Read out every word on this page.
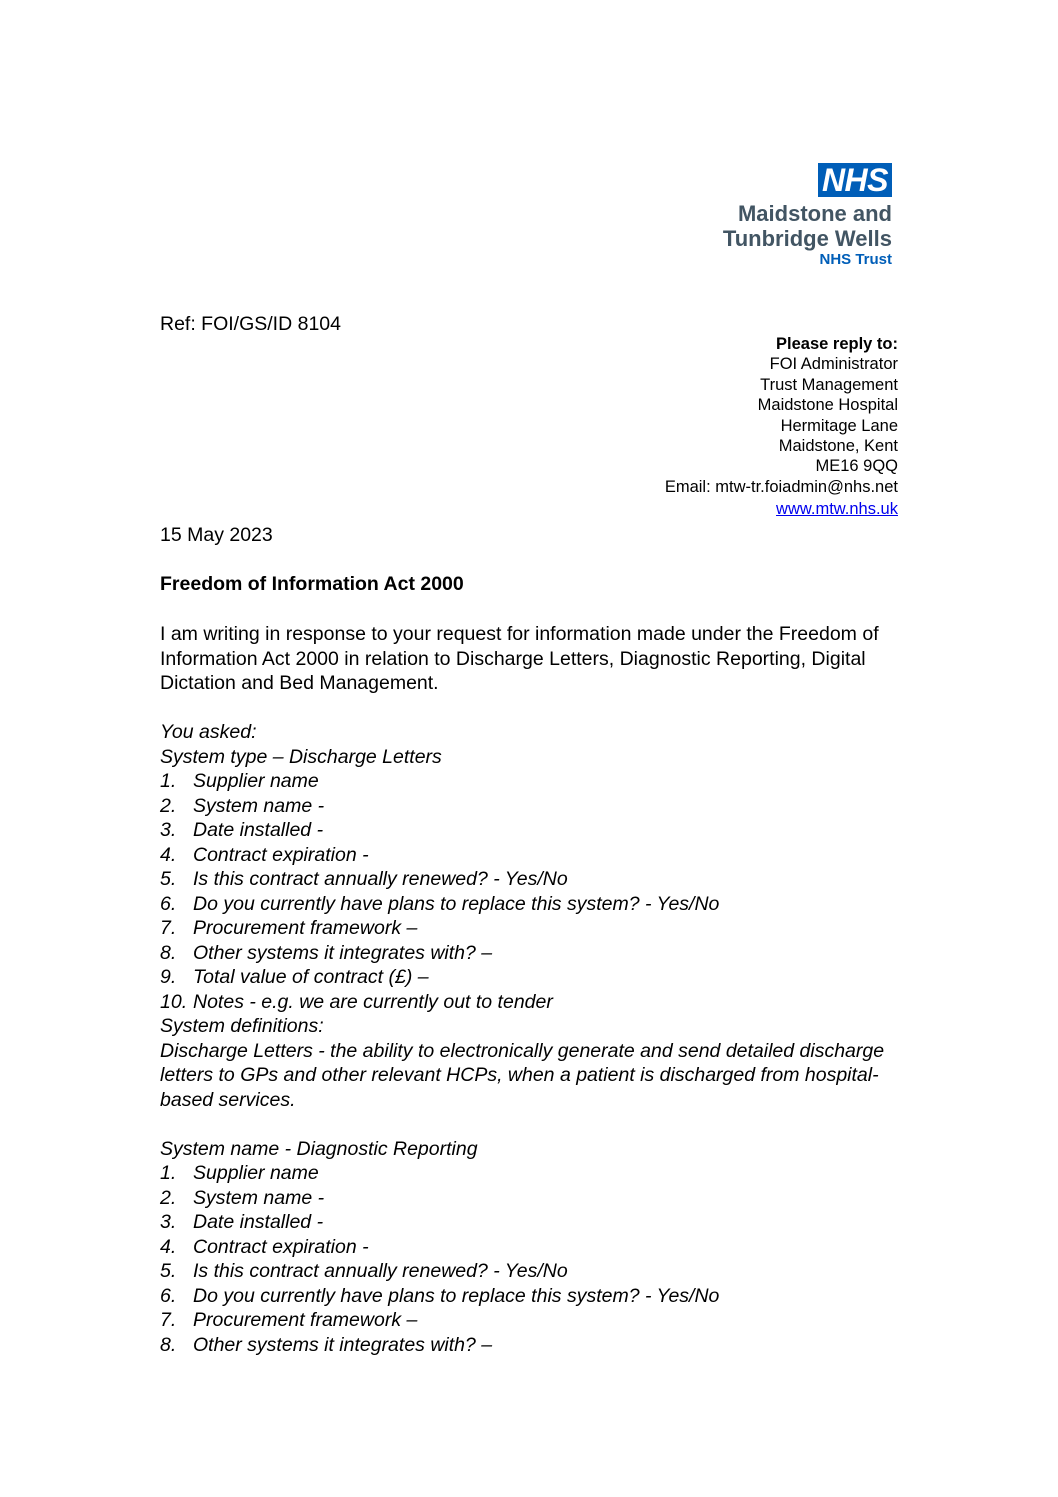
NHS
Maidstone and
Tunbridge Wells
NHS Trust
Ref: FOI/GS/ID 8104
Please reply to:
FOI Administrator
Trust Management
Maidstone Hospital
Hermitage Lane
Maidstone, Kent
ME16 9QQ
Email: mtw-tr.foiadmin@nhs.net
www.mtw.nhs.uk
15 May 2023
Freedom of Information Act 2000
I am writing in response to your request for information made under the Freedom of Information Act 2000 in relation to Discharge Letters, Diagnostic Reporting, Digital Dictation and Bed Management.
You asked:
System type – Discharge Letters
1. Supplier name
2. System name -
3. Date installed -
4. Contract expiration -
5. Is this contract annually renewed? - Yes/No
6. Do you currently have plans to replace this system? - Yes/No
7. Procurement framework –
8. Other systems it integrates with? –
9. Total value of contract (£) –
10. Notes - e.g. we are currently out to tender
System definitions:
Discharge Letters - the ability to electronically generate and send detailed discharge letters to GPs and other relevant HCPs, when a patient is discharged from hospital-based services.
System name - Diagnostic Reporting
1. Supplier name
2. System name -
3. Date installed -
4. Contract expiration -
5. Is this contract annually renewed? - Yes/No
6. Do you currently have plans to replace this system? - Yes/No
7. Procurement framework –
8. Other systems it integrates with? –
